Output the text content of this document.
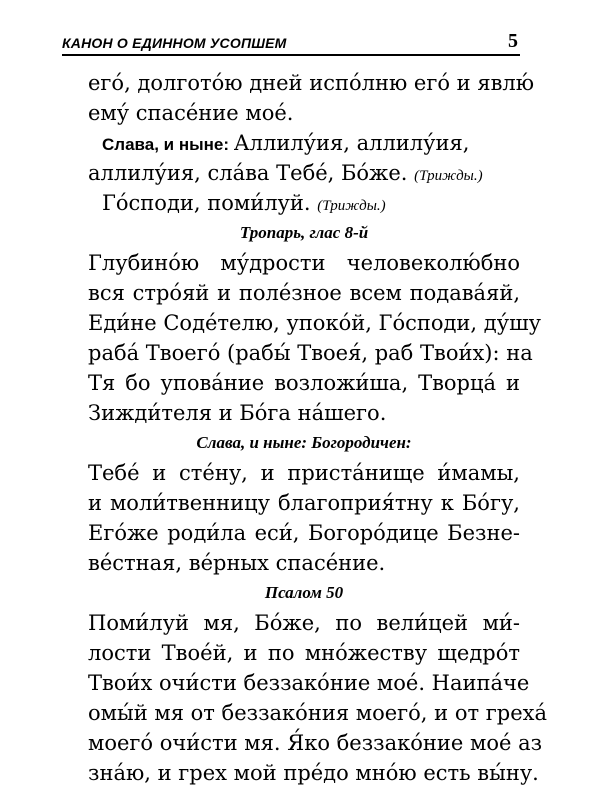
КАНОН О ЕДИННОМ УСОПШЕМ	5
его́, долгото́ю дней испо́лню его́ и явлю́
ему́ спасе́ние мое́.
Слава, и ныне: Аллилу́ия, аллилу́ия,
аллилу́ия, сла́ва Тебе́, Бо́же. (Трижды.)
Го́споди, поми́луй. (Трижды.)
Тропарь, глас 8-й
Глубино́ю му́дрости человеколю́бно
вся стро́яй и поле́зное всем подава́яй,
Еди́не Соде́телю, упоко́й, Го́споди, ду́шу
раба́ Твоего́ (рабы́ Твоея́, раб Твои́х): на
Тя бо упова́ние возложи́ша, Творца́ и
Зижди́теля и Бо́га на́шего.
Слава, и ныне: Богородичен:
Тебе́ и сте́ну, и приста́нище и́мамы,
и моли́твенницу благоприя́тну к Бо́гу,
Его́же роди́ла еси́, Богоро́дице Безне-
ве́стная, ве́рных спасе́ние.
Псалом 50
Поми́луй мя, Бо́же, по вели́цей ми́-
лости Твое́й, и по мно́жеству щедро́т
Твои́х очи́сти беззако́ние мое́. Наипа́че
омы́й мя от беззако́ния моего́, и от греха́
моего́ очи́сти мя. Я́ко беззако́ние мое́ аз
зна́ю, и грех мой пре́до мно́ю есть вы́ну.
